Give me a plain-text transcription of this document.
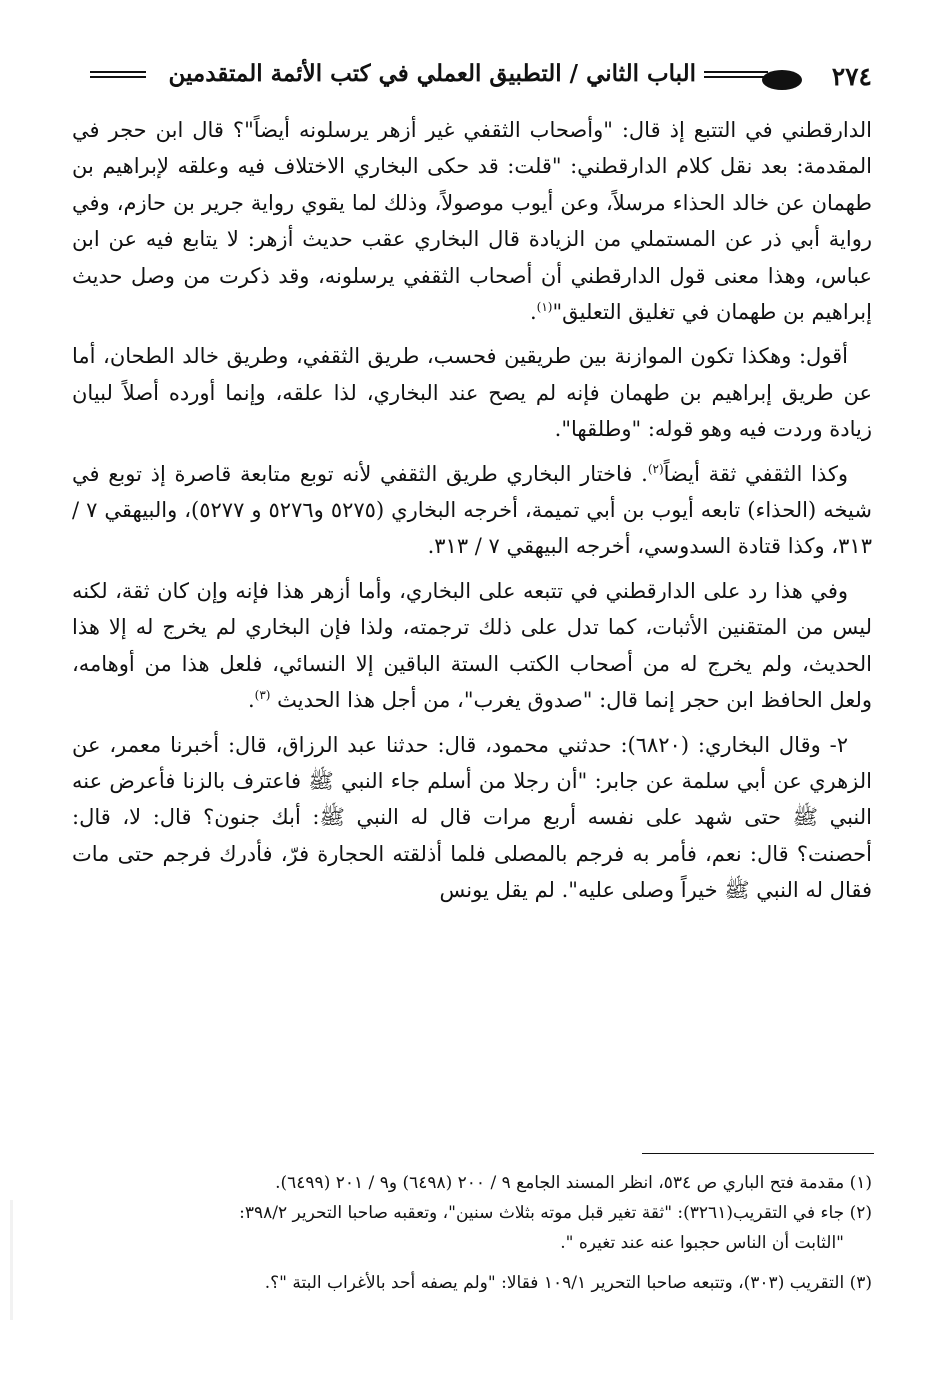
٢٧٤
الباب الثاني / التطبيق العملي في كتب الأئمة المتقدمين

الدارقطني في التتبع إذ قال: "وأصحاب الثقفي غير أزهر يرسلونه أيضاً"؟ قال ابن حجر في المقدمة: بعد نقل كلام الدارقطني: "قلت: قد حكى البخاري الاختلاف فيه وعلقه لإبراهيم بن طهمان عن خالد الحذاء مرسلاً، وعن أيوب موصولاً، وذلك لما يقوي رواية جرير بن حازم، وفي رواية أبي ذر عن المستملي من الزيادة قال البخاري عقب حديث أزهر: لا يتابع فيه عن ابن عباس، وهذا معنى قول الدارقطني أن أصحاب الثقفي يرسلونه، وقد ذكرت من وصل حديث إبراهيم بن طهمان في تغليق التعليق"$^{(١)}$.

أقول: وهكذا تكون الموازنة بين طريقين فحسب، طريق الثقفي، وطريق خالد الطحان، أما عن طريق إبراهيم بن طهمان فإنه لم يصح عند البخاري، لذا علقه، وإنما أورده أصلاً لبيان زيادة وردت فيه وهو قوله: "وطلقها".

وكذا الثقفي ثقة أيضاً$^{(٢)}$. فاختار البخاري طريق الثقفي لأنه توبع متابعة قاصرة إذ توبع في شيخه (الحذاء) تابعه أيوب بن أبي تميمة، أخرجه البخاري (٥٢٧٥ و٥٢٧٦ و ٥٢٧٧)، والبيهقي ٧ / ٣١٣، وكذا قتادة السدوسي، أخرجه البيهقي ٧ / ٣١٣.

وفي هذا رد على الدارقطني في تتبعه على البخاري، وأما أزهر هذا فإنه وإن كان ثقة، لكنه ليس من المتقنين الأثبات، كما تدل على ذلك ترجمته، ولذا فإن البخاري لم يخرج له إلا هذا الحديث، ولم يخرج له من أصحاب الكتب الستة الباقين إلا النسائي، فلعل هذا من أوهامه، ولعل الحافظ ابن حجر إنما قال: "صدوق يغرب"، من أجل هذا الحديث $^{(٣)}$.

٢- وقال البخاري: (٦٨٢٠): حدثني محمود، قال: حدثنا عبد الرزاق، قال: أخبرنا معمر، عن الزهري عن أبي سلمة عن جابر: "أن رجلا من أسلم جاء النبي ﷺ فاعترف بالزنا فأعرض عنه النبي ﷺ حتى شهد على نفسه أربع مرات قال له النبي ﷺ: أبك جنون؟ قال: لا، قال: أحصنت؟ قال: نعم، فأمر به فرجم بالمصلى فلما أذلقته الحجارة فرّ، فأدرك فرجم حتى مات فقال له النبي ﷺ خيراً وصلى عليه". لم يقل يونس

(١) مقدمة فتح الباري ص ٥٣٤، انظر المسند الجامع ٩ / ٢٠٠ (٦٤٩٨) و٩ / ٢٠١ (٦٤٩٩).

(٢) جاء في التقريب(٣٢٦١): "ثقة تغير قبل موته بثلاث سنين"، وتعقبه صاحبا التحرير ٣٩٨/٢:

"الثابت أن الناس حجبوا عنه عند تغيره ".

(٣) التقريب (٣٠٣)، وتتبعه صاحبا التحرير ١٠٩/١ فقالا: "ولم يصفه أحد بالأغراب البتة "؟.
